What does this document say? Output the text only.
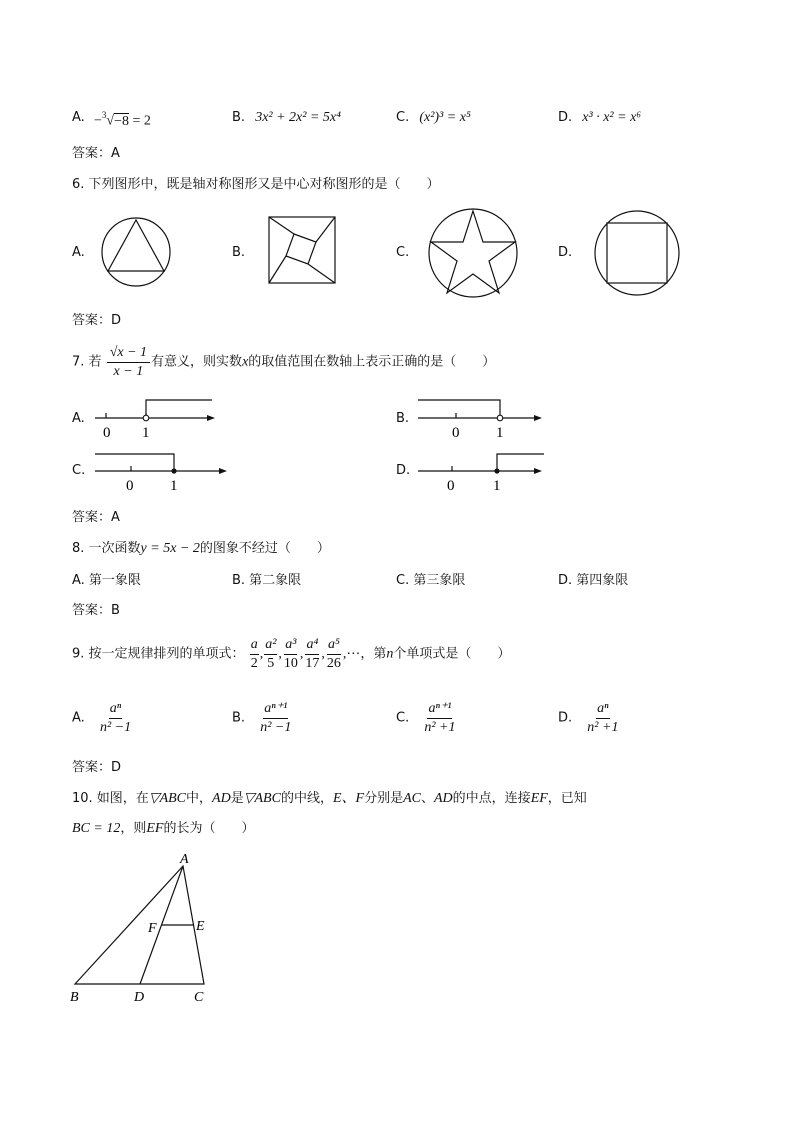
A. −$^3$√−8 = 2	B. 3x² + 2x² = 5x⁴	C. (x²)³ = x⁵	D. x³ · x² = x⁶
答案：A
6. 下列图形中，既是轴对称图形又是中心对称图形的是（　　）
A.	B.	C.	D.
答案：D
7. 若 $\frac{√x - 1}{x - 1}$ 有意义，则实数x的取值范围在数轴上表示正确的是（　　）
A.
0 1
B.
0 1
C.
0 1
D.
0	1
答案：A
8. 一次函数y = 5x − 2的图象不经过（　　）
A. 第一象限	B. 第二象限	C. 第三象限	D. 第四象限
答案：B
9. 按一定规律排列的单项式： $\frac{a}{2}$ , $\frac{\text{a²}}{5}$ , $\frac{\text{a³}}{10}$ , $\frac{\text{a⁴}}{17}$ , $\frac{\text{a⁵}}{26}$ ,⋯，第n个单项式是（　　）
A. $\frac{\text{aⁿ}}{\text{n² −1}}$	B. $\frac{\text{aⁿ⁺¹}}{\text{n² −1}}$	C. $\frac{\text{aⁿ⁺¹}}{\text{n² +1}}$	D. $\frac{\text{aⁿ}}{\text{n² +1}}$
答案：D
10. 如图，在▽ABC中，AD是▽ABC的中线，E、F分别是AC、AD的中点，连接EF，已知
BC = 12，则EF的长为（　　）
A
B	C
D
E
F
